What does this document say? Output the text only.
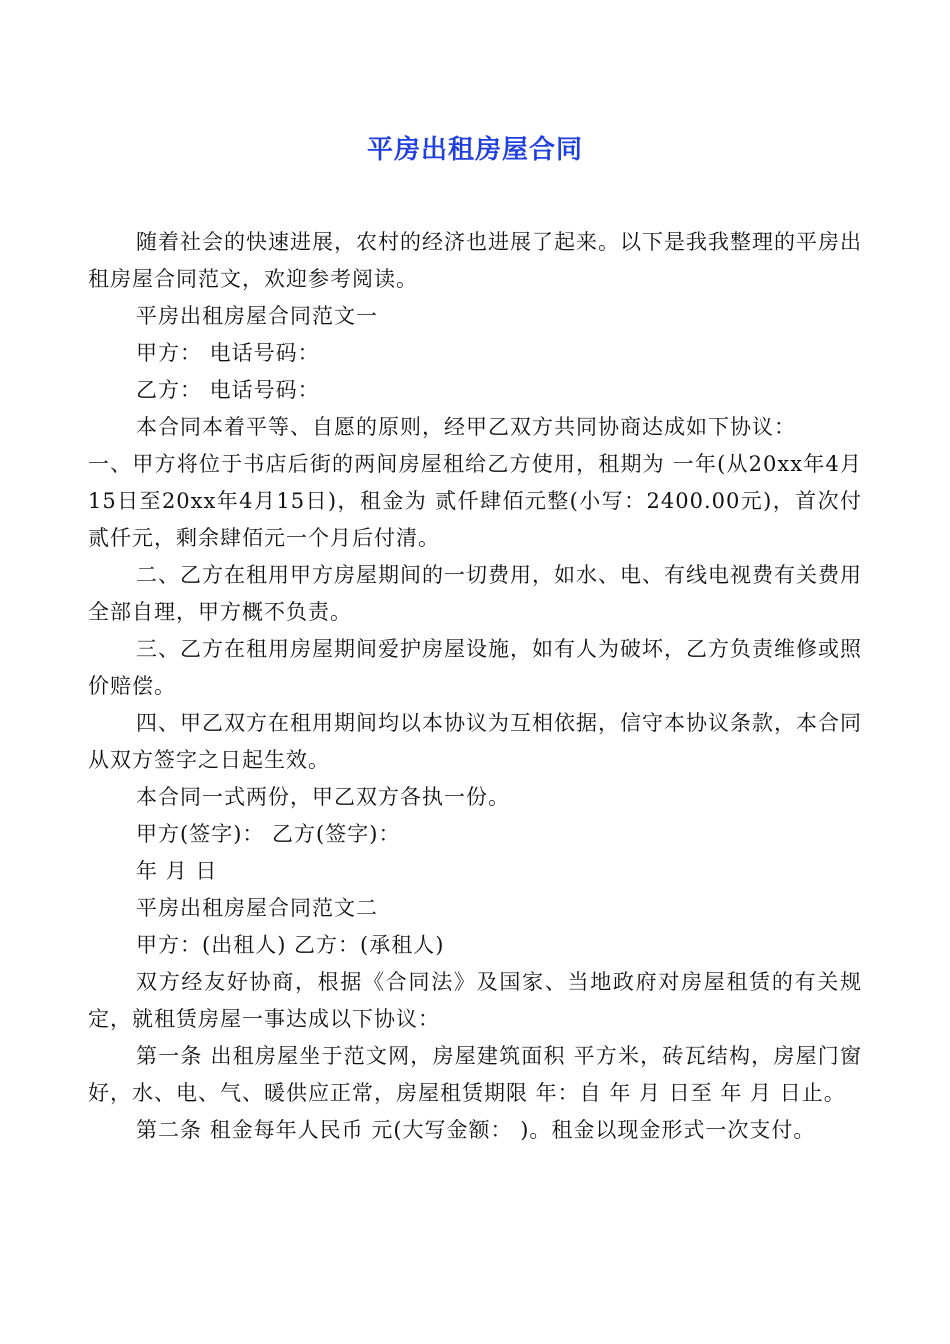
平房出租房屋合同

随着社会的快速进展，农村的经济也进展了起来。以下是我我整理的平房出租房屋合同范文，欢迎参考阅读。

平房出租房屋合同范文一

甲方： 电话号码：

乙方： 电话号码：

本合同本着平等、自愿的原则，经甲乙双方共同协商达成如下协议：

一、甲方将位于书店后街的两间房屋租给乙方使用，租期为 一年(从20xx年4月15日至20xx年4月15日)，租金为 贰仟肆佰元整(小写：2400.00元)，首次付贰仟元，剩余肆佰元一个月后付清。

二、乙方在租用甲方房屋期间的一切费用，如水、电、有线电视费有关费用全部自理，甲方概不负责。

三、乙方在租用房屋期间爱护房屋设施，如有人为破坏，乙方负责维修或照价赔偿。

四、甲乙双方在租用期间均以本协议为互相依据，信守本协议条款，本合同从双方签字之日起生效。

本合同一式两份，甲乙双方各执一份。

甲方(签字)： 乙方(签字)：

年 月 日

平房出租房屋合同范文二

甲方：(出租人) 乙方：(承租人)

双方经友好协商，根据《合同法》及国家、当地政府对房屋租赁的有关规定，就租赁房屋一事达成以下协议：

第一条 出租房屋坐于范文网，房屋建筑面积 平方米，砖瓦结构，房屋门窗好，水、电、气、暖供应正常，房屋租赁期限 年：自 年 月 日至 年 月 日止。

第二条 租金每年人民币 元(大写金额： )。租金以现金形式一次支付。
